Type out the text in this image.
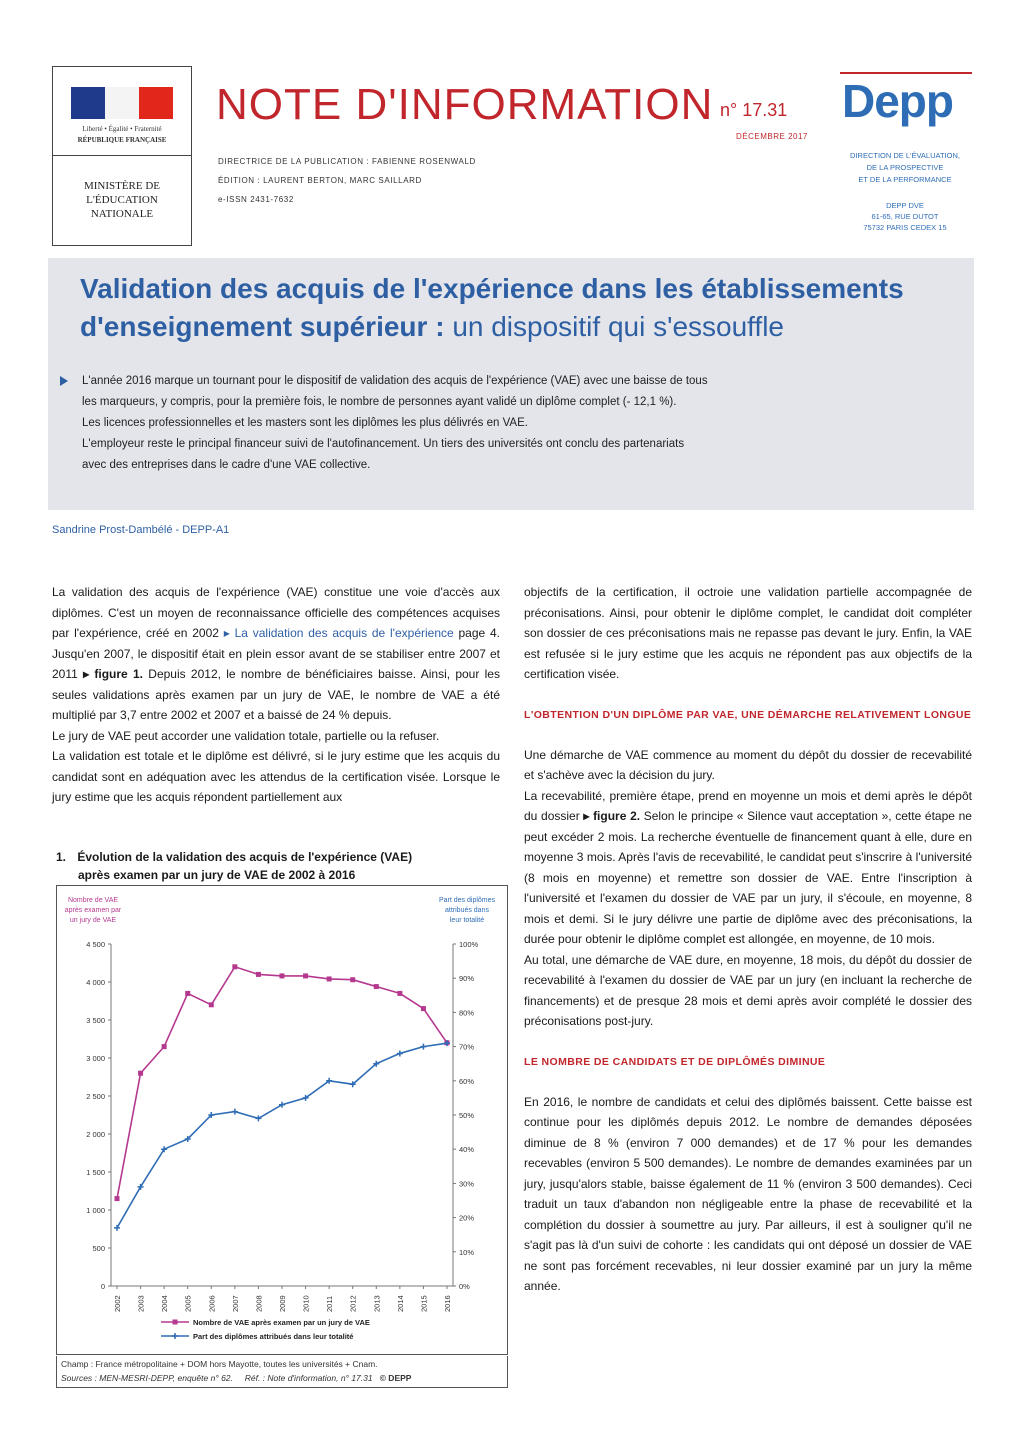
Liberté • Égalité • Fraternité
RÉPUBLIQUE FRANÇAISE
MINISTÈRE DE L'ÉDUCATION NATIONALE
NOTE D'INFORMATION n° 17.31
DÉCEMBRE 2017
DIRECTRICE DE LA PUBLICATION : FABIENNE ROSENWALD
ÉDITION : LAURENT BERTON, MARC SAILLARD
e-ISSN 2431-7632
Depp
DIRECTION DE L'ÉVALUATION,
DE LA PROSPECTIVE
ET DE LA PERFORMANCE
DEPP DVE
61-65, RUE DUTOT
75732 PARIS CEDEX 15
Validation des acquis de l'expérience dans les établissements d'enseignement supérieur : un dispositif qui s'essouffle
L'année 2016 marque un tournant pour le dispositif de validation des acquis de l'expérience (VAE) avec une baisse de tous
les marqueurs, y compris, pour la première fois, le nombre de personnes ayant validé un diplôme complet (- 12,1 %).
Les licences professionnelles et les masters sont les diplômes les plus délivrés en VAE.
L'employeur reste le principal financeur suivi de l'autofinancement. Un tiers des universités ont conclu des partenariats
avec des entreprises dans le cadre d'une VAE collective.
Sandrine Prost-Dambélé - DEPP-A1

La validation des acquis de l'expérience (VAE) constitue une voie d'accès aux diplômes. C'est un moyen de reconnaissance officielle des compétences acquises par l'expérience, créé en 2002 ▸ La validation des acquis de l'expérience page 4. Jusqu'en 2007, le dispositif était en plein essor avant de se stabiliser entre 2007 et 2011 ▸ figure 1. Depuis 2012, le nombre de bénéficiaires baisse. Ainsi, pour les seules validations après examen par un jury de VAE, le nombre de VAE a été multiplié par 3,7 entre 2002 et 2007 et a baissé de 24 % depuis.

Le jury de VAE peut accorder une validation totale, partielle ou la refuser.

La validation est totale et le diplôme est délivré, si le jury estime que les acquis du candidat sont en adéquation avec les attendus de la certification visée. Lorsque le jury estime que les acquis répondent partiellement aux

1. Évolution de la validation des acquis de l'expérience (VAE)
après examen par un jury de VAE de 2002 à 2016
0
500
1 000
1 500
2 000
2 500
3 000
3 500
4 000
4 500
0%
10%
20%
30%
40%
50%
60%
70%
80%
90%
100%
2002 2003 2004 2005 2006 2007 2008 2009 2010 2011 2012 2013 2014 2015 2016
Nombre de VAE
après examen par
un jury de VAE
Part des diplômes
attribués dans
leur totalité
Nombre de VAE après examen par un jury de VAE
Part des diplômes attribués dans leur totalité
Champ : France métropolitaine + DOM hors Mayotte, toutes les universités + Cnam.
Sources : MEN-MESRI-DEPP, enquête n° 62. Réf. : Note d'information, n° 17.31 © DEPP

objectifs de la certification, il octroie une validation partielle accompagnée de préconisations. Ainsi, pour obtenir le diplôme complet, le candidat doit compléter son dossier de ces préconisations mais ne repasse pas devant le jury. Enfin, la VAE est refusée si le jury estime que les acquis ne répondent pas aux objectifs de la certification visée.

L'OBTENTION D'UN DIPLÔME PAR VAE, UNE DÉMARCHE RELATIVEMENT LONGUE

Une démarche de VAE commence au moment du dépôt du dossier de recevabilité et s'achève avec la décision du jury.

La recevabilité, première étape, prend en moyenne un mois et demi après le dépôt du dossier ▸ figure 2. Selon le principe « Silence vaut acceptation », cette étape ne peut excéder 2 mois. La recherche éventuelle de financement quant à elle, dure en moyenne 3 mois. Après l'avis de recevabilité, le candidat peut s'inscrire à l'université (8 mois en moyenne) et remettre son dossier de VAE. Entre l'inscription à l'université et l'examen du dossier de VAE par un jury, il s'écoule, en moyenne, 8 mois et demi. Si le jury délivre une partie de diplôme avec des préconisations, la durée pour obtenir le diplôme complet est allongée, en moyenne, de 10 mois.

Au total, une démarche de VAE dure, en moyenne, 18 mois, du dépôt du dossier de recevabilité à l'examen du dossier de VAE par un jury (en incluant la recherche de financements) et de presque 28 mois et demi après avoir complété le dossier des préconisations post-jury.

LE NOMBRE DE CANDIDATS ET DE DIPLÔMÉS DIMINUE

En 2016, le nombre de candidats et celui des diplômés baissent. Cette baisse est continue pour les diplômés depuis 2012. Le nombre de demandes déposées diminue de 8 % (environ 7 000 demandes) et de 17 % pour les demandes recevables (environ 5 500 demandes). Le nombre de demandes examinées par un jury, jusqu'alors stable, baisse également de 11 % (environ 3 500 demandes). Ceci traduit un taux d'abandon non négligeable entre la phase de recevabilité et la complétion du dossier à soumettre au jury. Par ailleurs, il est à souligner qu'il ne s'agit pas là d'un suivi de cohorte : les candidats qui ont déposé un dossier de VAE ne sont pas forcément recevables, ni leur dossier examiné par un jury la même année.
